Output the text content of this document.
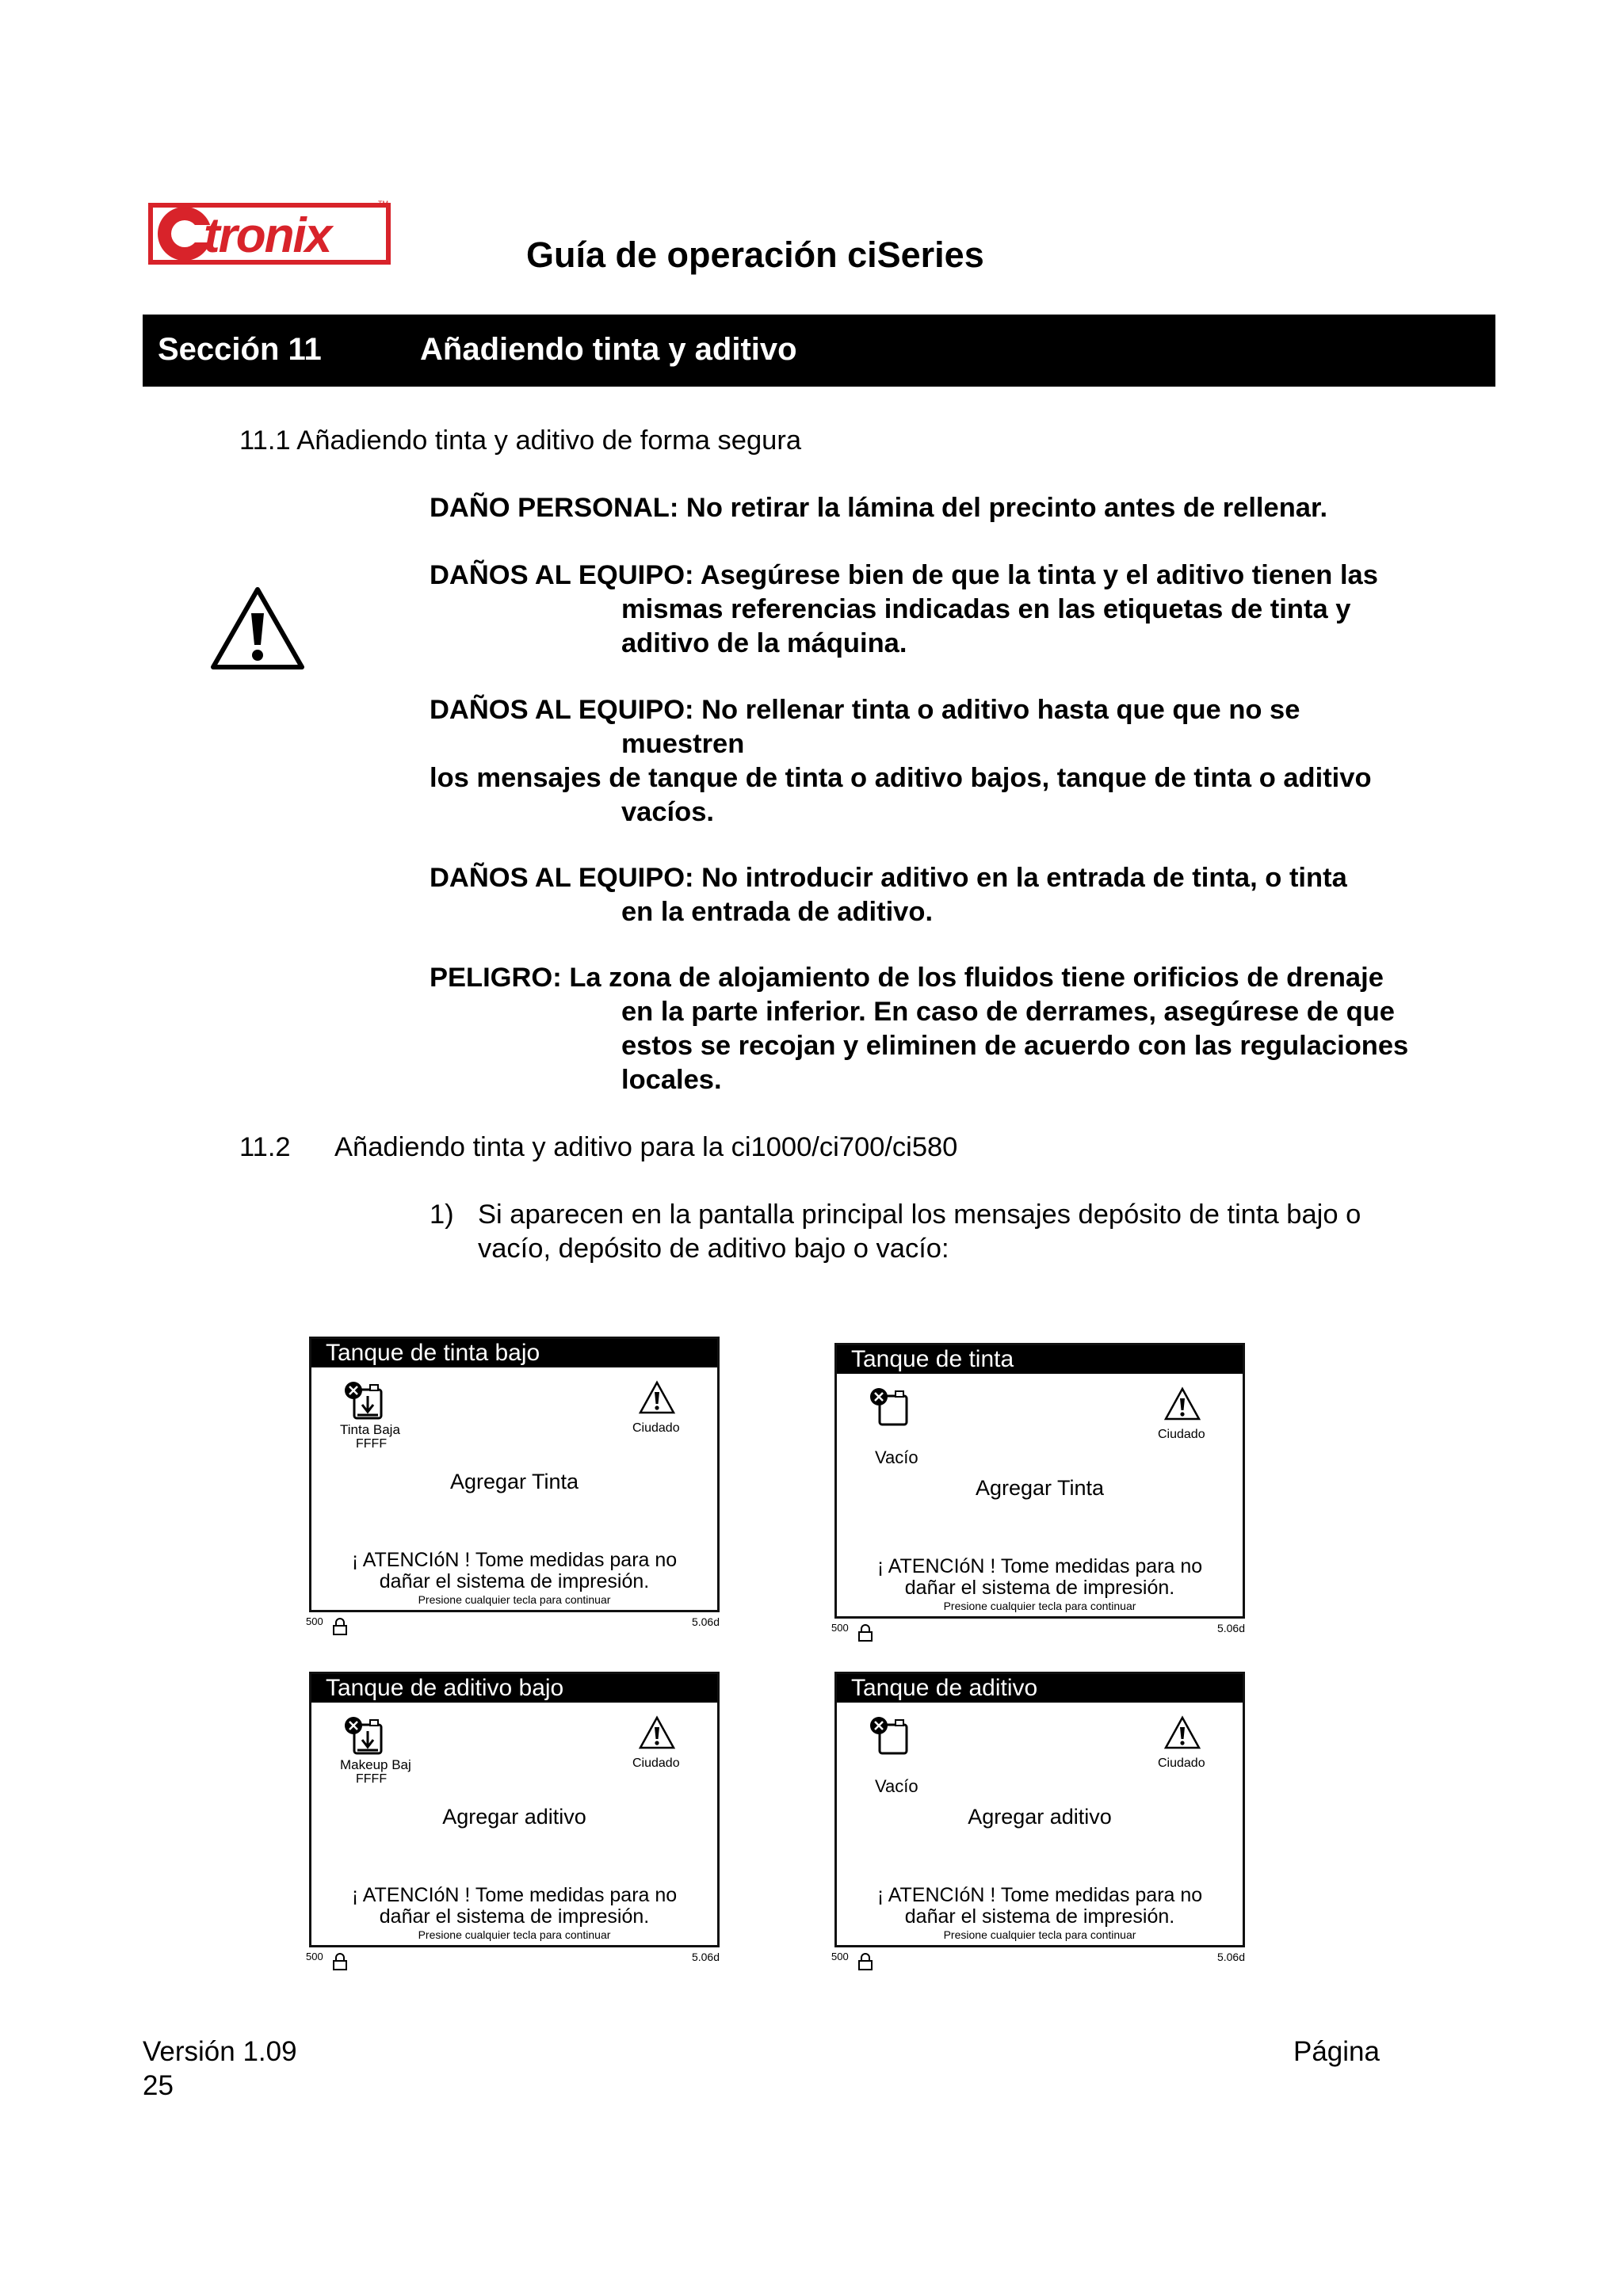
tronix
TM
Guía de operación ciSeries
Sección 11	Añadiendo tinta y aditivo
11.1 Añadiendo tinta y aditivo de forma segura
DAÑO PERSONAL: No retirar la lámina del precinto antes de rellenar.
DAÑOS AL EQUIPO: Asegúrese bien de que la tinta y el aditivo tienen las
mismas referencias indicadas en las etiquetas de tinta y
aditivo de la máquina.
DAÑOS AL EQUIPO: No rellenar tinta o aditivo hasta que que no se
muestren
los mensajes de tanque de tinta o aditivo bajos, tanque de tinta o aditivo
vacíos.
DAÑOS AL EQUIPO: No introducir aditivo en la entrada de tinta, o tinta
en la entrada de aditivo.
PELIGRO: La zona de alojamiento de los fluidos tiene orificios de drenaje
en la parte inferior. En caso de derrames, asegúrese de que
estos se recojan y eliminen de acuerdo con las regulaciones
locales.
11.2 Añadiendo tinta y aditivo para la ci1000/ci700/ci580
1) Si aparecen en la pantalla principal los mensajes depósito de tinta bajo o
vacío, depósito de aditivo bajo o vacío:
Tanque de tinta bajo
Tinta Baja
FFFF
Ciudado
Agregar Tinta
¡ ATENCIóN ! Tome medidas para no
dañar el sistema de impresión.
Presione cualquier tecla para continuar
500	5.06d
Tanque de tinta
Vacío
Ciudado
Agregar Tinta
¡ ATENCIóN ! Tome medidas para no
dañar el sistema de impresión.
Presione cualquier tecla para continuar
500	5.06d
Tanque de aditivo bajo
Makeup Baj
FFFF
Ciudado
Agregar aditivo
¡ ATENCIóN ! Tome medidas para no
dañar el sistema de impresión.
Presione cualquier tecla para continuar
500	5.06d
Tanque de aditivo
Vacío
Ciudado
Agregar aditivo
¡ ATENCIóN ! Tome medidas para no
dañar el sistema de impresión.
Presione cualquier tecla para continuar
500	5.06d
Versión 1.09	Página
25
